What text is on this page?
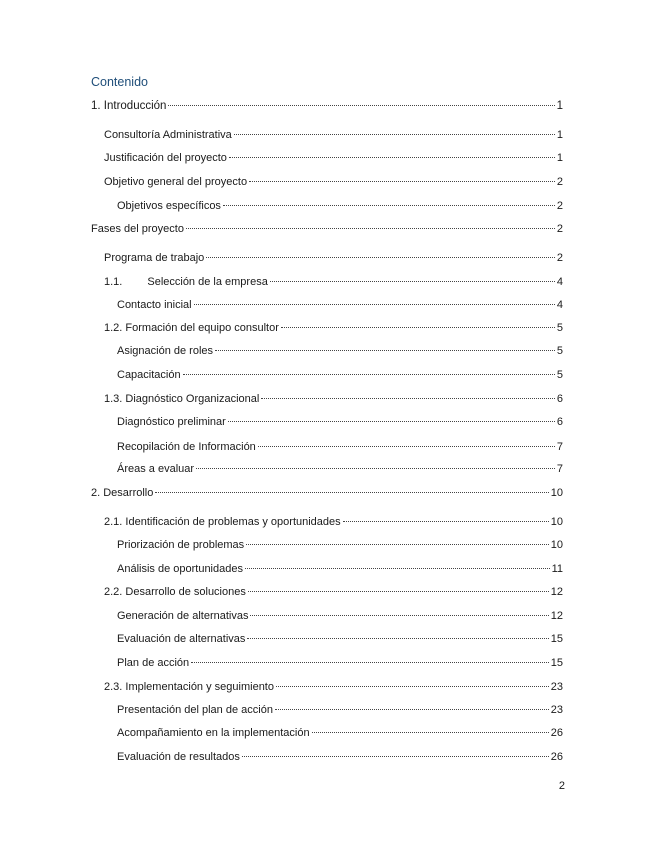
Contenido
1. Introducción	1
Consultoría Administrativa	1
Justificación del proyecto	1
Objetivo general del proyecto	2
Objetivos específicos	2
Fases del proyecto	2
Programa de trabajo	2
1.1. Selección de la empresa	4
Contacto inicial	4
1.2. Formación del equipo consultor	5
Asignación de roles	5
Capacitación	5
1.3. Diagnóstico Organizacional	6
Diagnóstico preliminar	6
Recopilación de Información	7
Áreas a evaluar	7
2. Desarrollo	10
2.1. Identificación de problemas y oportunidades	10
Priorización de problemas	10
Análisis de oportunidades	11
2.2. Desarrollo de soluciones	12
Generación de alternativas	12
Evaluación de alternativas	15
Plan de acción	15
2.3. Implementación y seguimiento	23
Presentación del plan de acción	23
Acompañamiento en la implementación	26
Evaluación de resultados	26
2
